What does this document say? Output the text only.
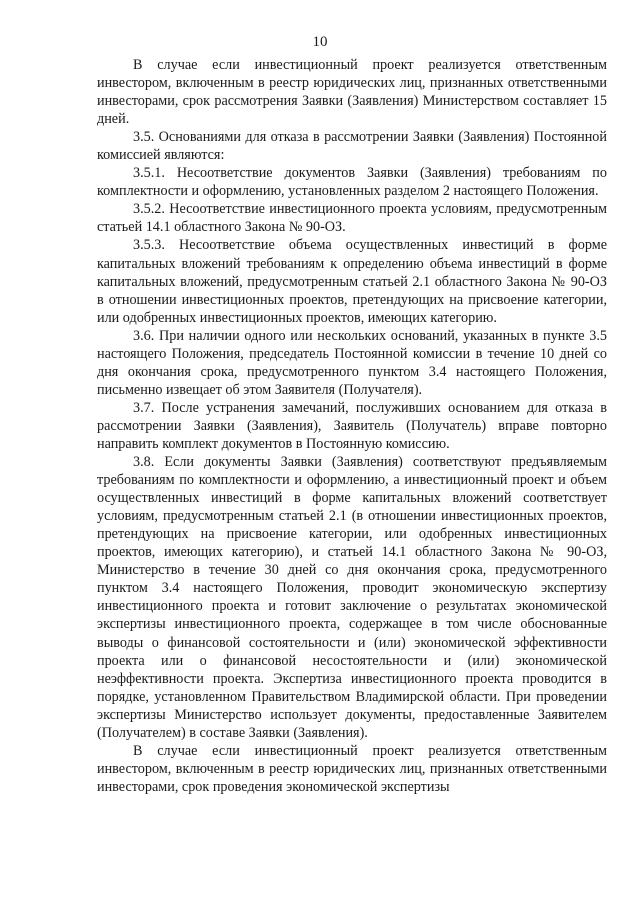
10

В случае если инвестиционный проект реализуется ответственным инвестором, включенным в реестр юридических лиц, признанных ответственными инвесторами, срок рассмотрения Заявки (Заявления) Министерством составляет 15 дней.

3.5. Основаниями для отказа в рассмотрении Заявки (Заявления) Постоянной комиссией являются:

3.5.1. Несоответствие документов Заявки (Заявления) требованиям по комплектности и оформлению, установленных разделом 2 настоящего Положения.

3.5.2. Несоответствие инвестиционного проекта условиям, предусмотренным статьей 14.1 областного Закона № 90-ОЗ.

3.5.3. Несоответствие объема осуществленных инвестиций в форме капитальных вложений требованиям к определению объема инвестиций в форме капитальных вложений, предусмотренным статьей 2.1 областного Закона № 90-ОЗ в отношении инвестиционных проектов, претендующих на присвоение категории, или одобренных инвестиционных проектов, имеющих категорию.

3.6. При наличии одного или нескольких оснований, указанных в пункте 3.5 настоящего Положения, председатель Постоянной комиссии в течение 10 дней со дня окончания срока, предусмотренного пунктом 3.4 настоящего Положения, письменно извещает об этом Заявителя (Получателя).

3.7. После устранения замечаний, послуживших основанием для отказа в рассмотрении Заявки (Заявления), Заявитель (Получатель) вправе повторно направить комплект документов в Постоянную комиссию.

3.8. Если документы Заявки (Заявления) соответствуют предъявляемым требованиям по комплектности и оформлению, а инвестиционный проект и объем осуществленных инвестиций в форме капитальных вложений соответствует условиям, предусмотренным статьей 2.1 (в отношении инвестиционных проектов, претендующих на присвоение категории, или одобренных инвестиционных проектов, имеющих категорию), и статьей 14.1 областного Закона № 90-ОЗ, Министерство в течение 30 дней со дня окончания срока, предусмотренного пунктом 3.4 настоящего Положения, проводит экономическую экспертизу инвестиционного проекта и готовит заключение о результатах экономической экспертизы инвестиционного проекта, содержащее в том числе обоснованные выводы о финансовой состоятельности и (или) экономической эффективности проекта или о финансовой несостоятельности и (или) экономической неэффективности проекта. Экспертиза инвестиционного проекта проводится в порядке, установленном Правительством Владимирской области. При проведении экспертизы Министерство использует документы, предоставленные Заявителем (Получателем) в составе Заявки (Заявления).

В случае если инвестиционный проект реализуется ответственным инвестором, включенным в реестр юридических лиц, признанных ответственными инвесторами, срок проведения экономической экспертизы
